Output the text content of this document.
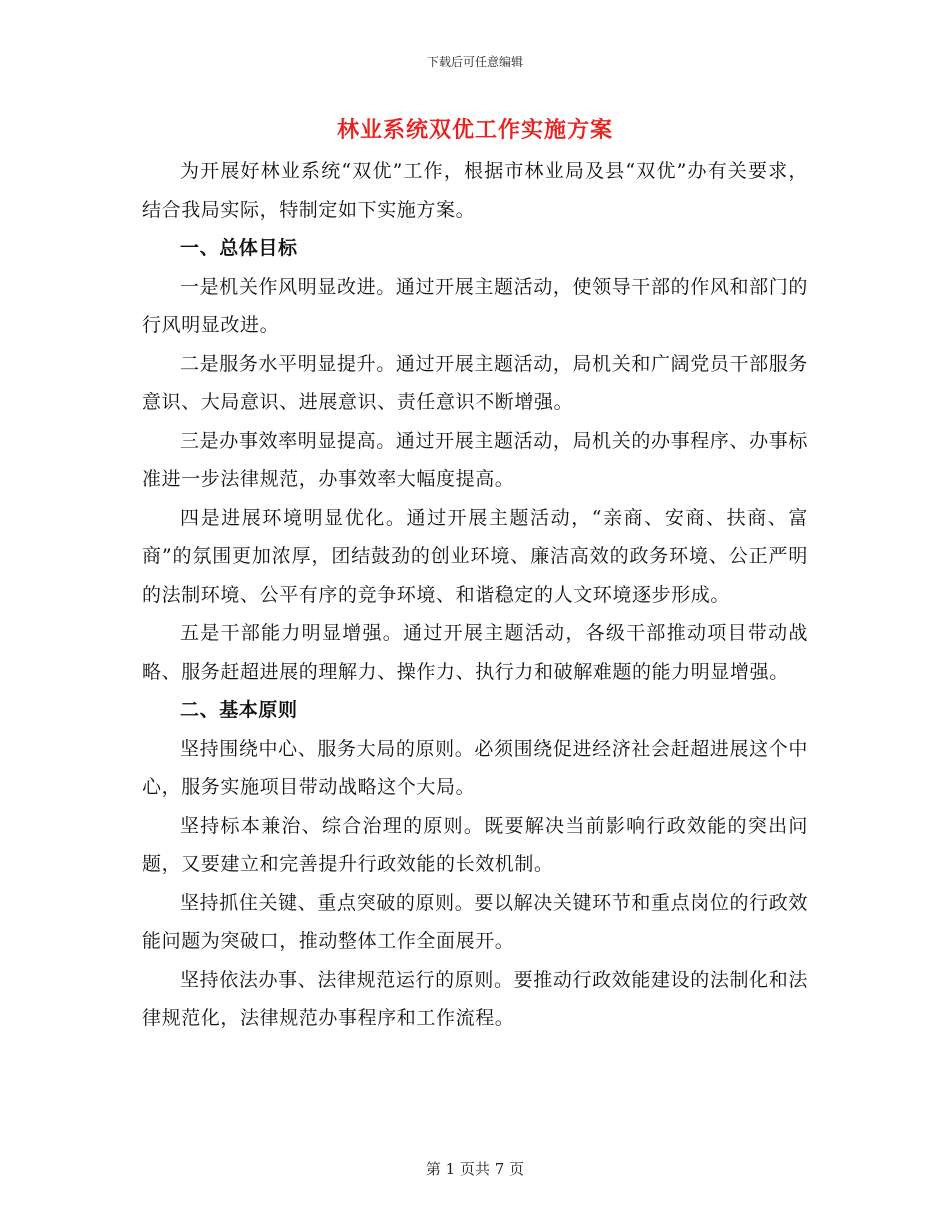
下载后可任意编辑
林业系统双优工作实施方案

为开展好林业系统“双优”工作，根据市林业局及县“双优”办有关要求，结合我局实际，特制定如下实施方案。

一、总体目标

一是机关作风明显改进。通过开展主题活动，使领导干部的作风和部门的行风明显改进。

二是服务水平明显提升。通过开展主题活动，局机关和广阔党员干部服务意识、大局意识、进展意识、责任意识不断增强。

三是办事效率明显提高。通过开展主题活动，局机关的办事程序、办事标准进一步法律规范，办事效率大幅度提高。

四是进展环境明显优化。通过开展主题活动，“亲商、安商、扶商、富商”的氛围更加浓厚，团结鼓劲的创业环境、廉洁高效的政务环境、公正严明的法制环境、公平有序的竞争环境、和谐稳定的人文环境逐步形成。

五是干部能力明显增强。通过开展主题活动，各级干部推动项目带动战略、服务赶超进展的理解力、操作力、执行力和破解难题的能力明显增强。

二、基本原则

坚持围绕中心、服务大局的原则。必须围绕促进经济社会赶超进展这个中心，服务实施项目带动战略这个大局。

坚持标本兼治、综合治理的原则。既要解决当前影响行政效能的突出问题，又要建立和完善提升行政效能的长效机制。

坚持抓住关键、重点突破的原则。要以解决关键环节和重点岗位的行政效能问题为突破口，推动整体工作全面展开。

坚持依法办事、法律规范运行的原则。要推动行政效能建设的法制化和法律规范化，法律规范办事程序和工作流程。

第 1 页共 7 页
